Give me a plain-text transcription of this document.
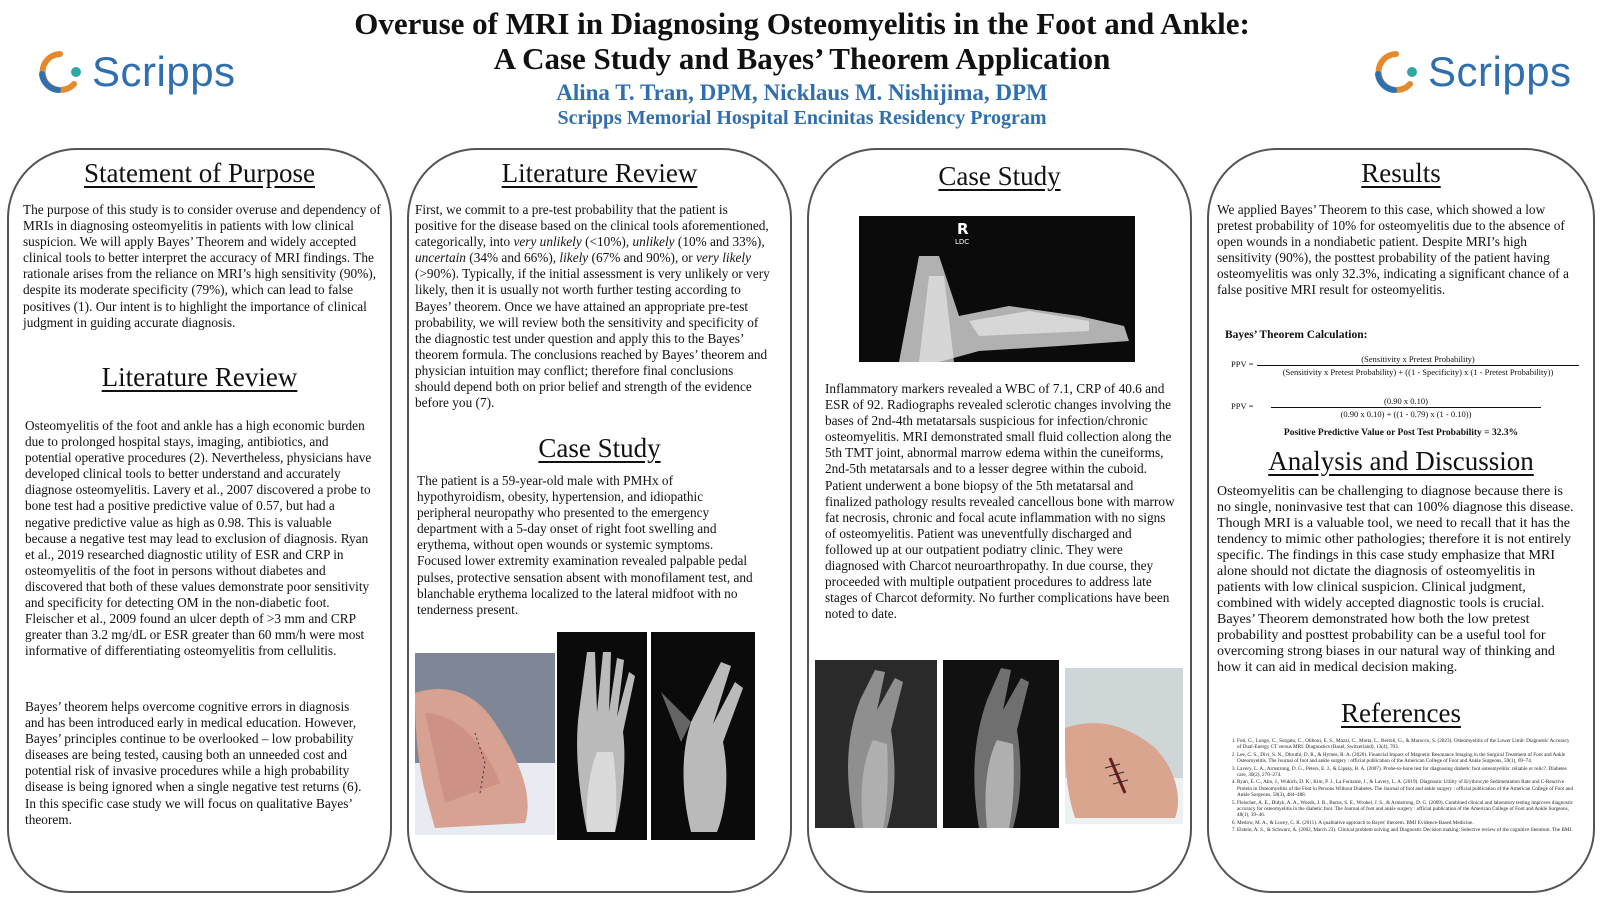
Scripps	Scripps
Overuse of MRI in Diagnosing Osteomyelitis in the Foot and Ankle:
A Case Study and Bayes’ Theorem Application
Alina T. Tran, DPM, Nicklaus M. Nishijima, DPM
Scripps Memorial Hospital Encinitas Residency Program
Statement of Purpose
The purpose of this study is to consider overuse and dependency of MRIs in diagnosing osteomyelitis in patients with low clinical suspicion. We will apply Bayes’ Theorem and widely accepted clinical tools to better interpret the accuracy of MRI findings. The rationale arises from the reliance on MRI’s high sensitivity (90%), despite its moderate specificity (79%), which can lead to false positives (1). Our intent is to highlight the importance of clinical judgment in guiding accurate diagnosis.
Literature Review
Osteomyelitis of the foot and ankle has a high economic burden due to prolonged hospital stays, imaging, antibiotics, and potential operative procedures (2). Nevertheless, physicians have developed clinical tools to better understand and accurately diagnose osteomyelitis. Lavery et al., 2007 discovered a probe to bone test had a positive predictive value of 0.57, but had a negative predictive value as high as 0.98. This is valuable because a negative test may lead to exclusion of diagnosis. Ryan et al., 2019 researched diagnostic utility of ESR and CRP in osteomyelitis of the foot in persons without diabetes and discovered that both of these values demonstrate poor sensitivity and specificity for detecting OM in the non-diabetic foot. Fleischer et al., 2009 found an ulcer depth of >3 mm and CRP greater than 3.2 mg/dL or ESR greater than 60 mm/h were most informative of differentiating osteomyelitis from cellulitis.
Bayes’ theorem helps overcome cognitive errors in diagnosis and has been introduced early in medical education. However, Bayes’ principles continue to be overlooked – low probability diseases are being tested, causing both an unneeded cost and potential risk of invasive procedures while a high probability disease is being ignored when a single negative test returns (6). In this specific case study we will focus on qualitative Bayes’ theorem.
Literature Review
First, we commit to a pre-test probability that the patient is positive for the disease based on the clinical tools aforementioned, categorically, into very unlikely (<10%), unlikely (10% and 33%), uncertain (34% and 66%), likely (67% and 90%), or very likely (>90%). Typically, if the initial assessment is very unlikely or very likely, then it is usually not worth further testing according to Bayes’ theorem. Once we have attained an appropriate pre-test probability, we will review both the sensitivity and specificity of the diagnostic test under question and apply this to the Bayes’ theorem formula. The conclusions reached by Bayes’ theorem and physician intuition may conflict; therefore final conclusions should depend both on prior belief and strength of the evidence before you (7).
Case Study
The patient is a 59-year-old male with PMHx of hypothyroidism, obesity, hypertension, and idiopathic peripheral neuropathy who presented to the emergency department with a 5-day onset of right foot swelling and erythema, without open wounds or systemic symptoms. Focused lower extremity examination revealed palpable pedal pulses, protective sensation absent with monofilament test, and blanchable erythema localized to the lateral midfoot with no tenderness present.
Case Study
R
LDC
Inflammatory markers revealed a WBC of 7.1, CRP of 40.6 and ESR of 92. Radiographs revealed sclerotic changes involving the bases of 2nd-4th metatarsals suspicious for infection/chronic osteomyelitis. MRI demonstrated small fluid collection along the 5th TMT joint, abnormal marrow edema within the cuneiforms, 2nd-5th metatarsals and to a lesser degree within the cuboid. Patient underwent a bone biopsy of the 5th metatarsal and finalized pathology results revealed cancellous bone with marrow fat necrosis, chronic and focal acute inflammation with no signs of osteomyelitis. Patient was uneventfully discharged and followed up at our outpatient podiatry clinic. They were diagnosed with Charcot neuroarthropathy. In due course, they proceeded with multiple outpatient procedures to address late stages of Charcot deformity. No further complications have been noted to date.
Results
We applied Bayes’ Theorem to this case, which showed a low pretest probability of 10% for osteomyelitis due to the absence of open wounds in a nondiabetic patient. Despite MRI’s high sensitivity (90%), the posttest probability of the patient having osteomyelitis was only 32.3%, indicating a significant chance of a false positive MRI result for osteomyelitis.
Bayes’ Theorem Calculation:
PPV =	(Sensitivity x Pretest Probability)
(Sensitivity x Pretest Probability) + ((1 - Specificity) x (1 - Pretest Probability))
PPV = $\frac{(0.90 x 0.10)}{(0.90 x 0.10) + ((1 - 0.79) x (1 - 0.10))}$
Positive Predictive Value or Post Test Probability = 32.3%
Analysis and Discussion
Osteomyelitis can be challenging to diagnose because there is no single, noninvasive test that can 100% diagnose this disease. Though MRI is a valuable tool, we need to recall that it has the tendency to mimic other pathologies; therefore it is not entirely specific. The findings in this case study emphasize that MRI alone should not dictate the diagnosis of osteomyelitis in patients with low clinical suspicion. Clinical judgment, combined with widely accepted diagnostic tools is crucial. Bayes’ Theorem demonstrated how both the low pretest probability and posttest probability can be a useful tool for overcoming strong biases in our natural way of thinking and how it can aid in medical decision making.
References
1. Foti, G., Longo, C., Sorgato, C., Oliboni, E. S., Mazzi, C., Motta, L., Bertoli, G., & Marocco, S. (2023). Osteomyelitis of the Lower Limb: Diagnostic Accuracy of Dual-Energy CT versus MRI. Diagnostics (Basel, Switzerland), 13(4), 703.
2. Lee, C. S., Divi, S. N., Dhruthi, D. R., & Hymes, R. A. (2020). Financial Impact of Magnetic Resonance Imaging in the Surgical Treatment of Foot and Ankle Osteomyelitis. The Journal of foot and ankle surgery : official publication of the American College of Foot and Ankle Surgeons, 59(1), 69–74.
3. Lavery, L. A., Armstrong, D. G., Peters, E. J., & Lipsky, B. A. (2007). Probe-to-bone test for diagnosing diabetic foot osteomyelitis: reliable or relic?. Diabetes care, 30(2), 270–274.
4. Ryan, E. C., Ahn, J., Wukich, D. K., Kim, P. J., La Fontaine, J., & Lavery, L. A. (2019). Diagnostic Utility of Erythrocyte Sedimentation Rate and C-Reactive Protein in Osteomyelitis of the Foot in Persons Without Diabetes. The Journal of foot and ankle surgery : official publication of the American College of Foot and Ankle Surgeons, 58(3), 484–488.
5. Fleischer, A. E., Didyk, A. A., Woods, J. B., Burns, S. E., Wrobel, J. S., & Armstrong, D. G. (2009). Combined clinical and laboratory testing improves diagnostic accuracy for osteomyelitis in the diabetic foot. The Journal of foot and ankle surgery : official publication of the American College of Foot and Ankle Surgeons, 48(1), 39–46.
6. Medow, M. A., & Lucey, C. R. (2011). A qualitative approach to Bayes' theorem. BMJ Evidence-Based Medicine.
7. Elstein, A. S., & Schwarz, A. (2002, March 23). Clinical problem solving and Diagnostic Decision making: Selective review of the cognitive literature. The BMJ.
